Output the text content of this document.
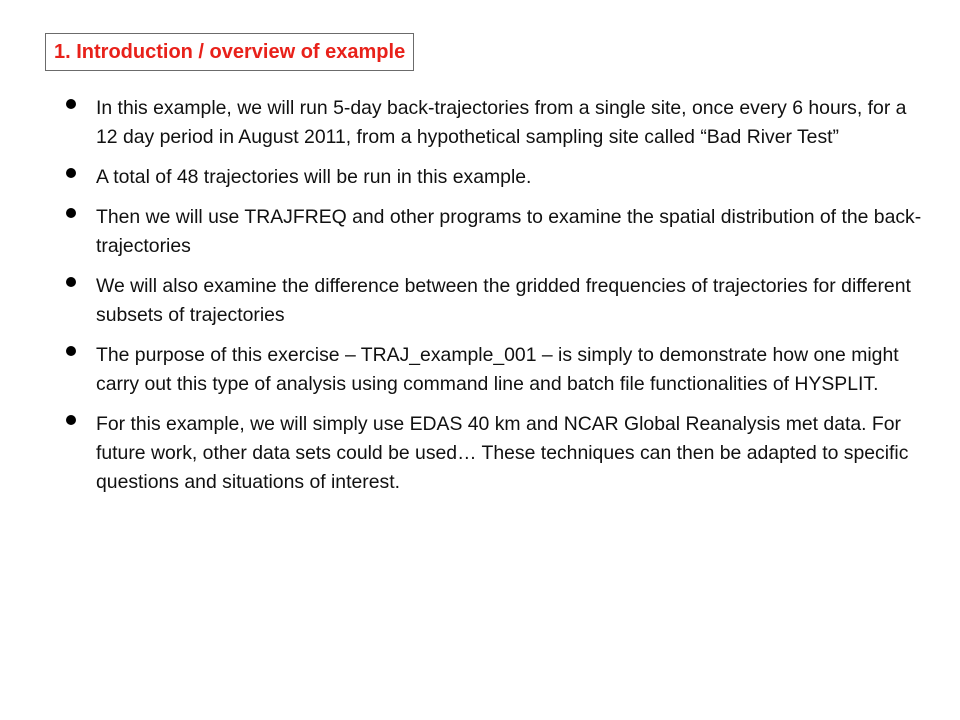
1. Introduction / overview of example
In this example, we will run 5-day back-trajectories from a single site, once every 6 hours, for a 12 day period in August 2011, from a hypothetical sampling site called “Bad River Test”
A total of 48 trajectories will be run in this example.
Then we will use TRAJFREQ and other programs to examine the spatial distribution of the back-trajectories
We will also examine the difference between the gridded frequencies of trajectories for different subsets of trajectories
The purpose of this exercise – TRAJ_example_001 – is simply to demonstrate how one might carry out this type of analysis using command line and batch file functionalities of HYSPLIT.
For this example, we will simply use EDAS 40 km and NCAR Global Reanalysis met data. For future work, other data sets could be used… These techniques can then be adapted to specific questions and situations of interest.
